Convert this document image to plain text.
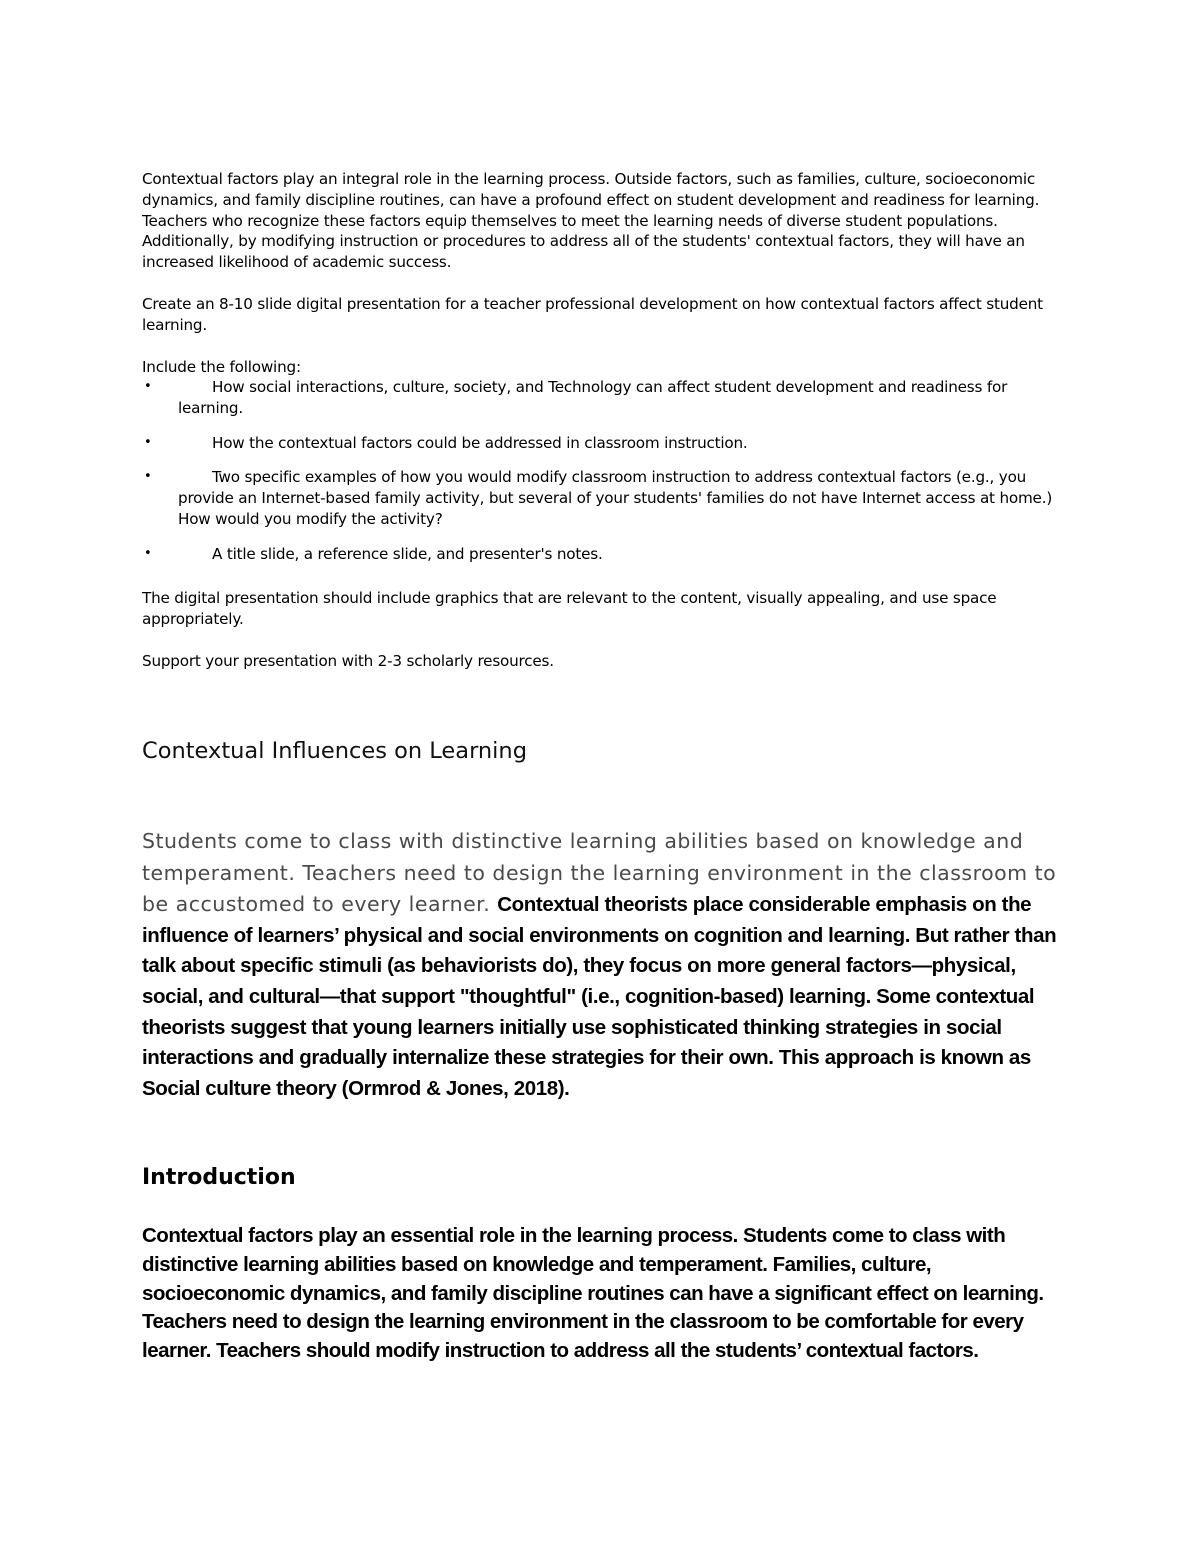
Contextual factors play an integral role in the learning process. Outside factors, such as families, culture, socioeconomic dynamics, and family discipline routines, can have a profound effect on student development and readiness for learning. Teachers who recognize these factors equip themselves to meet the learning needs of diverse student populations. Additionally, by modifying instruction or procedures to address all of the students' contextual factors, they will have an increased likelihood of academic success.

Create an 8-10 slide digital presentation for a teacher professional development on how contextual factors affect student learning.

Include the following:

•	How social interactions, culture, society, and Technology can affect student development and readiness for learning.
•	How the contextual factors could be addressed in classroom instruction.
•	Two specific examples of how you would modify classroom instruction to address contextual factors (e.g., you provide an Internet-based family activity, but several of your students' families do not have Internet access at home.) How would you modify the activity?
•	A title slide, a reference slide, and presenter's notes.

The digital presentation should include graphics that are relevant to the content, visually appealing, and use space appropriately.

Support your presentation with 2-3 scholarly resources.

Contextual Influences on Learning

Students come to class with distinctive learning abilities based on knowledge and temperament. Teachers need to design the learning environment in the classroom to be accustomed to every learner. Contextual theorists place considerable emphasis on the influence of learners’ physical and social environments on cognition and learning. But rather than talk about specific stimuli (as behaviorists do), they focus on more general factors—physical, social, and cultural—that support "thoughtful" (i.e., cognition-based) learning. Some contextual theorists suggest that young learners initially use sophisticated thinking strategies in social interactions and gradually internalize these strategies for their own. This approach is known as Social culture theory (Ormrod & Jones, 2018).

Introduction

Contextual factors play an essential role in the learning process. Students come to class with distinctive learning abilities based on knowledge and temperament. Families, culture, socioeconomic dynamics, and family discipline routines can have a significant effect on learning. Teachers need to design the learning environment in the classroom to be comfortable for every learner. Teachers should modify instruction to address all the students’ contextual factors.
